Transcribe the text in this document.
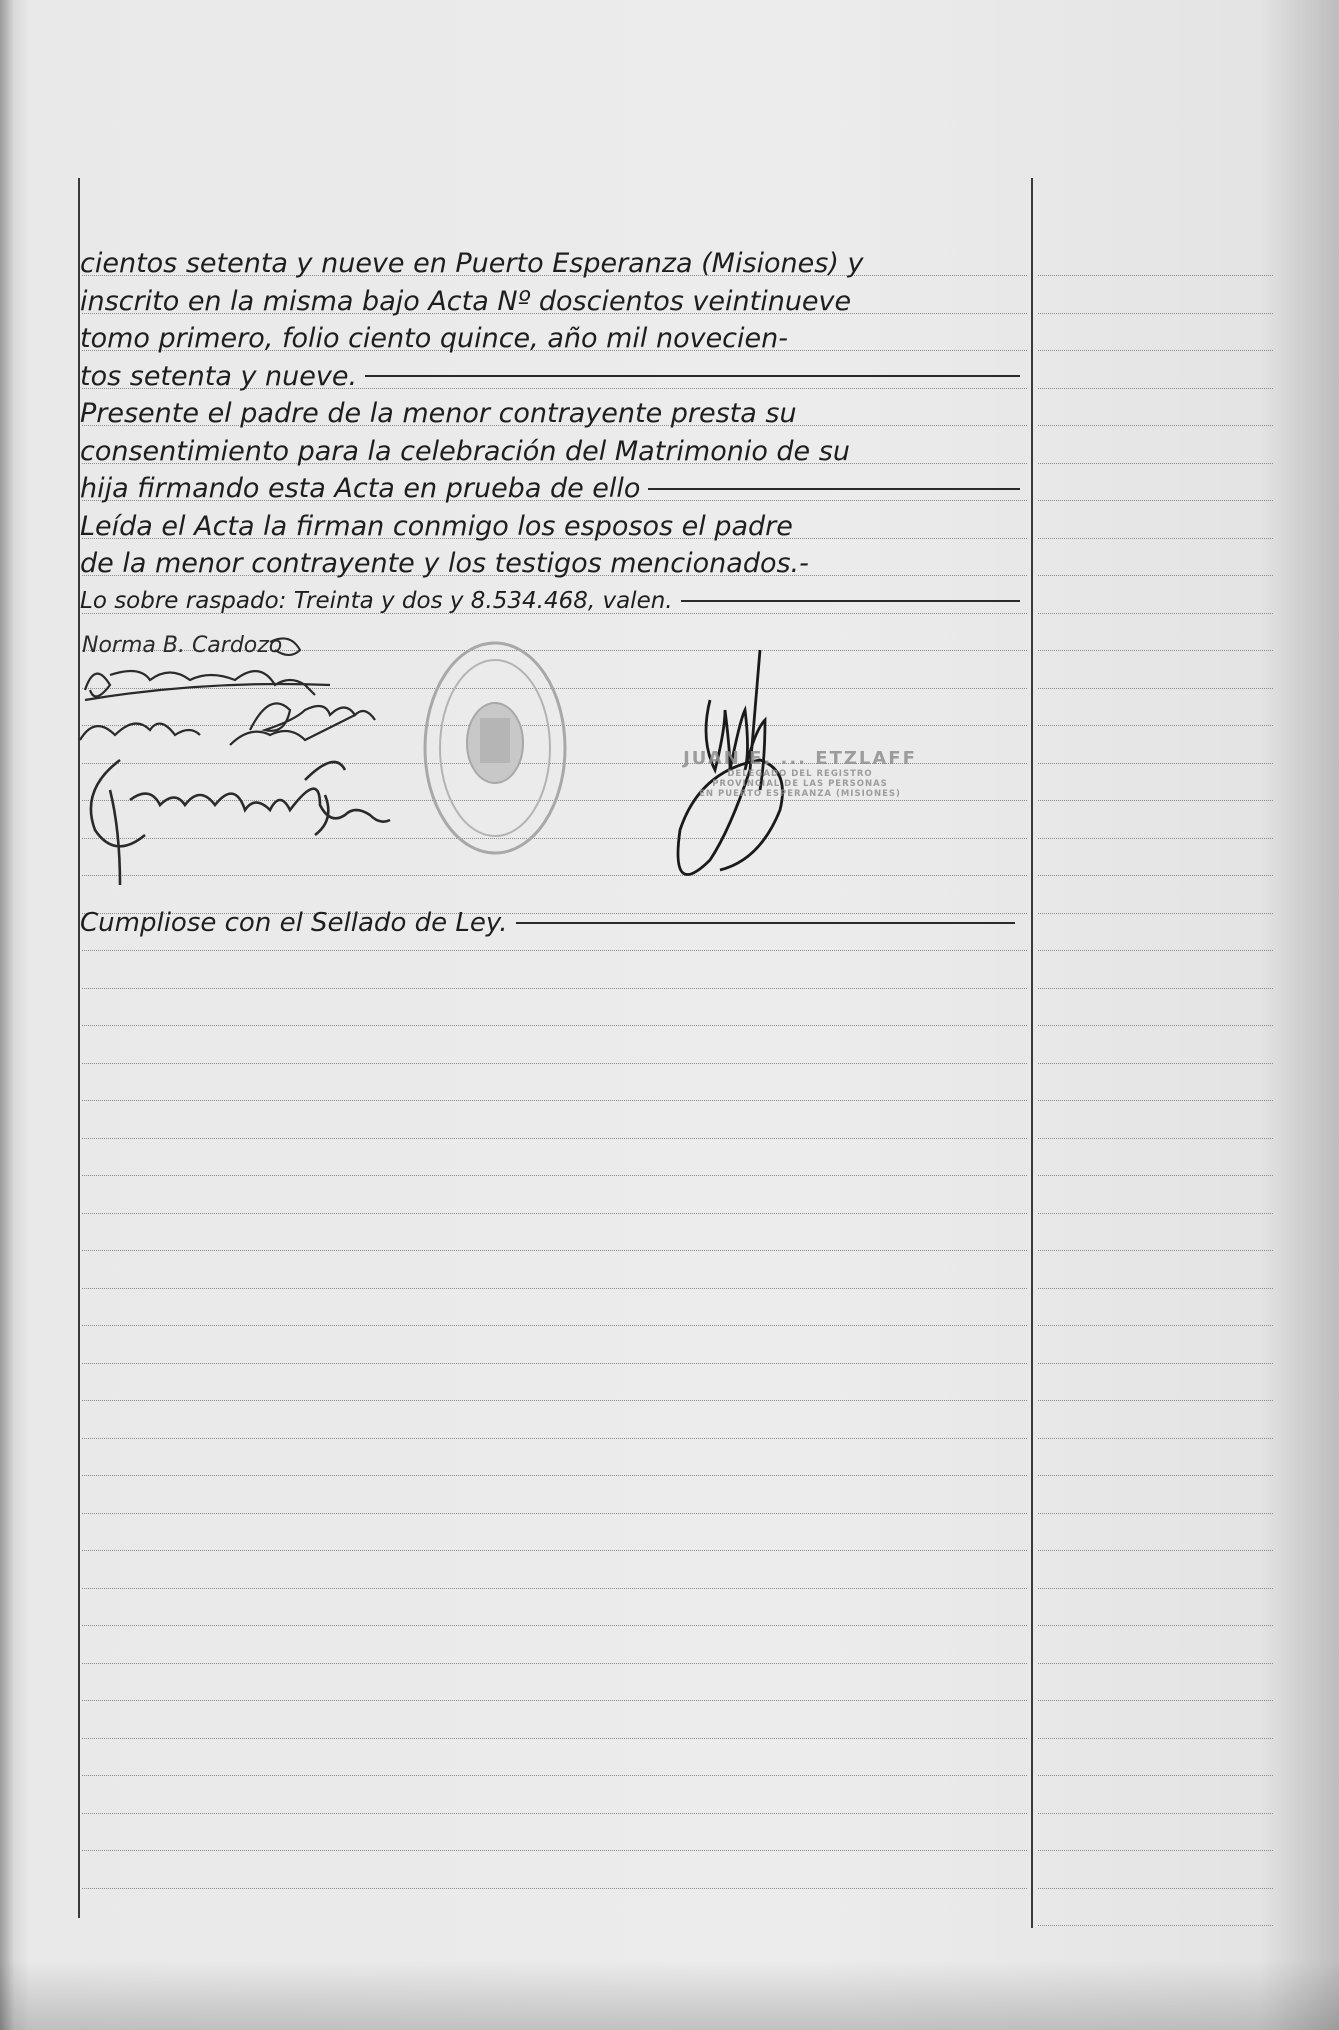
cientos setenta y nueve en Puerto Esperanza (Misiones) y
inscrito en la misma bajo Acta Nº doscientos veintinueve
tomo primero, folio ciento quince, año mil novecien-
tos setenta y nueve.
Presente el padre de la menor contrayente presta su
consentimiento para la celebración del Matrimonio de su
hija firmando esta Acta en prueba de ello
Leída el Acta la firman conmigo los esposos el padre
de la menor contrayente y los testigos mencionados.-
Lo sobre raspado: Treinta y dos y 8.534.468, valen.
Norma B. Cardozo
JUAN E. ... ETZLAFF
DELEGADO DEL REGISTRO
PROVINCIAL DE LAS PERSONAS
EN PUERTO ESPERANZA (MISIONES)
Cumpliose con el Sellado de Ley.
